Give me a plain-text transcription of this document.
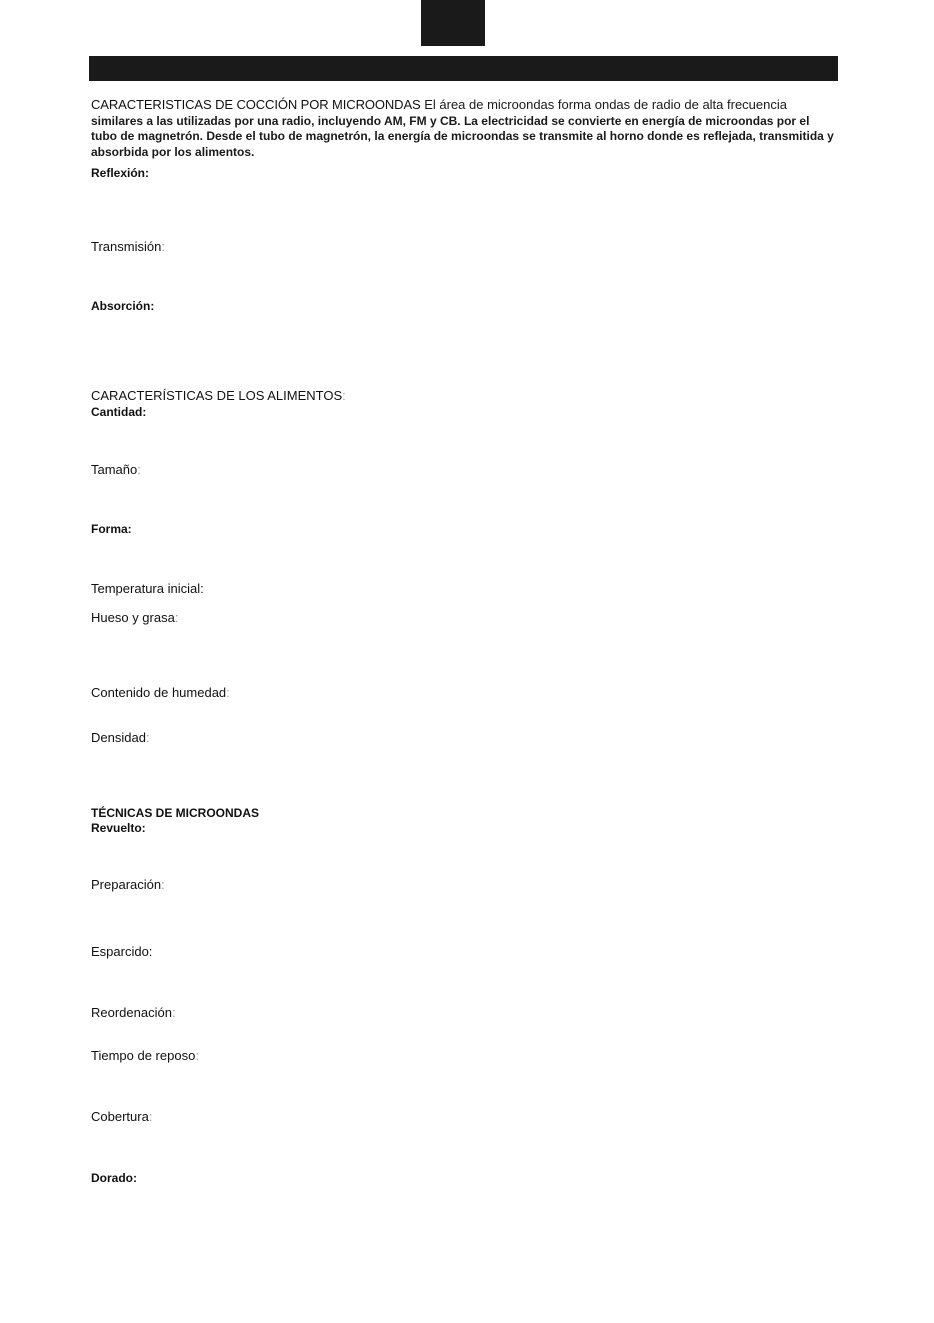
CARACTERISTICAS DE COCCIÓN POR MICROONDAS El área de microondas forma ondas de radio de alta frecuencia similares a las utilizadas por una radio, incluyendo AM, FM y CB. La electricidad se convierte en energía de microondas por el tubo de magnetrón. Desde el tubo de magnetrón, la energía de microondas se transmite al horno donde es reflejada, transmitida y absorbida por los alimentos.

Reflexión:

Transmisión:

Absorción:

CARACTERÍSTICAS DE LOS ALIMENTOS:

Cantidad:

Tamaño:

Forma:

Temperatura inicial:

Hueso y grasa:

Contenido de humedad:

Densidad:

TÉCNICAS DE MICROONDAS

Revuelto:

Preparación:

Esparcido:

Reordenación:

Tiempo de reposo:

Cobertura:

Dorado:
